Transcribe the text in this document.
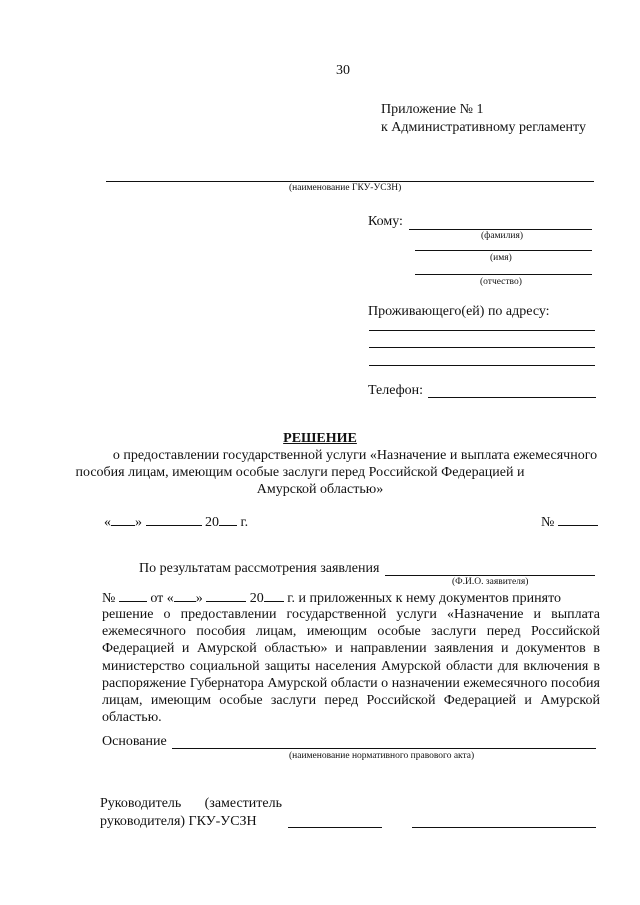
30
Приложение № 1
к Административному регламенту
(наименование ГКУ-УСЗН)
Кому:
(фамилия)
(имя)
(отчество)
Проживающего(ей) по адресу:
Телефон:
РЕШЕНИЕ
о предоставлении государственной услуги «Назначение и выплата ежемесячного
пособия лицам, имеющим особые заслуги перед Российской Федерацией и
Амурской областью»
« »	20 г.	№
По результатам рассмотрения заявления
(Ф.И.О. заявителя)
№	от « »	20 г. и приложенных к нему документов принято
решение о предоставлении государственной услуги «Назначение и выплата ежемесячного пособия лицам, имеющим особые заслуги перед Российской Федерацией и Амурской областью» и направлении заявления и документов в министерство социальной защиты населения Амурской области для включения в распоряжение Губернатора Амурской области о назначении ежемесячного пособия лицам, имеющим особые заслуги перед Российской Федерацией и Амурской областью.
Основание
(наименование нормативного правового акта)
Руководитель (заместитель
руководителя) ГКУ-УСЗН
